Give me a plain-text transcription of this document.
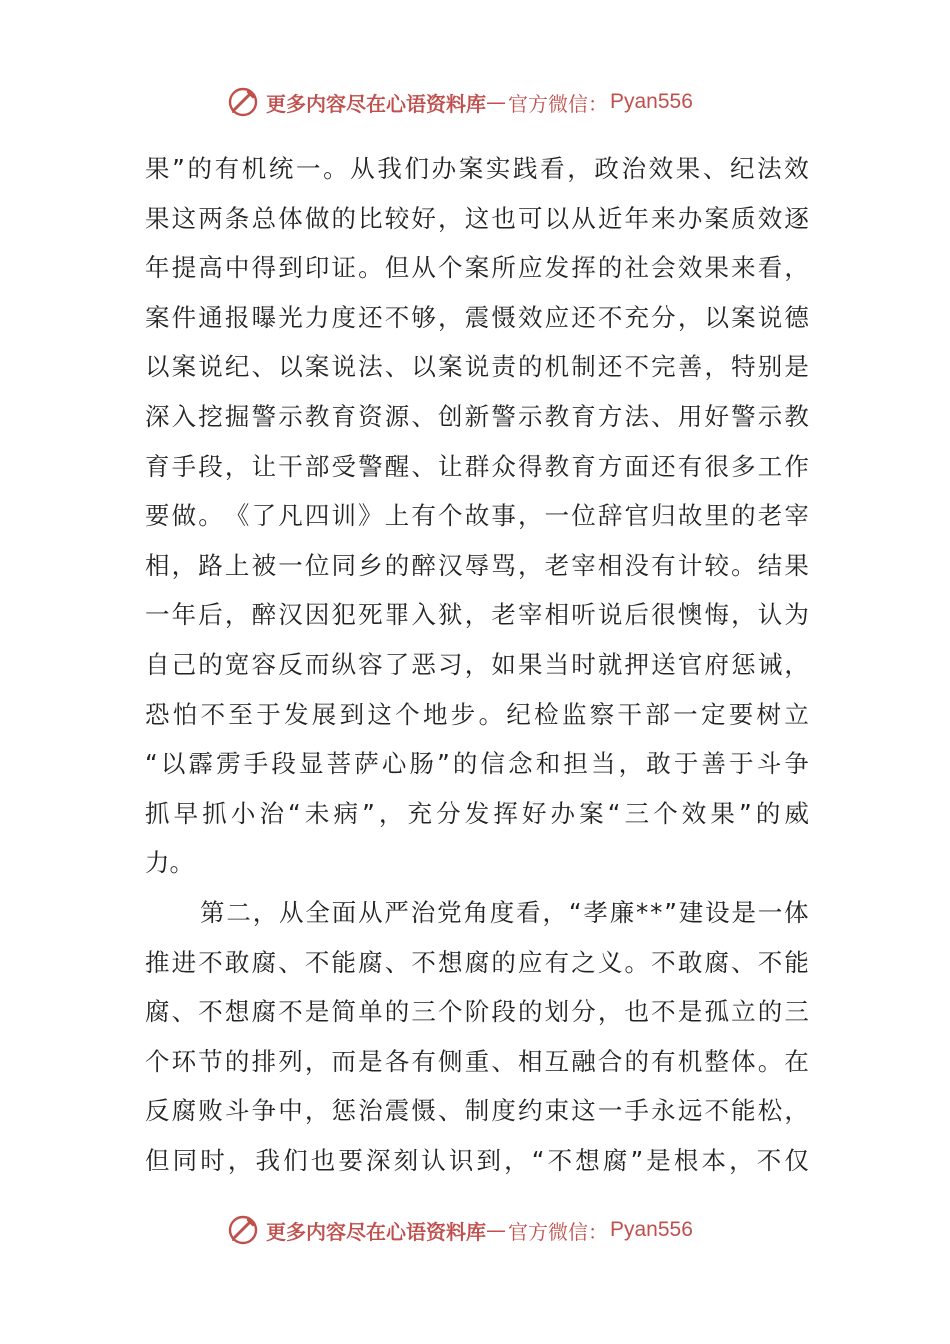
更多内容尽在心语资料库 — 官方微信： Pyan556
果 ” 的 有 机 统 一 。 从 我 们 办 案 实 践 看 ， 政 治 效 果 、 纪 法 效
果 这 两 条 总 体 做 的 比 较 好 ， 这 也 可 以 从 近 年 来 办 案 质 效 逐
年 提 高 中 得 到 印 证 。 但 从 个 案 所 应 发 挥 的 社 会 效 果 来 看 ，
案 件 通 报 曝 光 力 度 还 不 够 ， 震 慑 效 应 还 不 充 分 ， 以 案 说 德
以 案 说 纪 、 以 案 说 法 、 以 案 说 责 的 机 制 还 不 完 善 ， 特 别 是
深 入 挖 掘 警 示 教 育 资 源 、 创 新 警 示 教 育 方 法 、 用 好 警 示 教
育 手 段 ， 让 干 部 受 警 醒 、 让 群 众 得 教 育 方 面 还 有 很 多 工 作
要 做 。 《 了 凡 四 训 》 上 有 个 故 事 ， 一 位 辞 官 归 故 里 的 老 宰
相 ， 路 上 被 一 位 同 乡 的 醉 汉 辱 骂 ， 老 宰 相 没 有 计 较 。 结 果
一 年 后 ， 醉 汉 因 犯 死 罪 入 狱 ， 老 宰 相 听 说 后 很 懊 悔 ， 认 为
自 己 的 宽 容 反 而 纵 容 了 恶 习 ， 如 果 当 时 就 押 送 官 府 惩 诫 ，
恐 怕 不 至 于 发 展 到 这 个 地 步 。 纪 检 监 察 干 部 一 定 要 树 立
“ 以 霹 雳 手 段 显 菩 萨 心 肠 ” 的 信 念 和 担 当 ， 敢 于 善 于 斗 争
抓 早 抓 小 治 “ 未 病 ” ， 充 分 发 挥 好 办 案 “ 三 个 效 果 ” 的 威
力 。
第 二 ， 从 全 面 从 严 治 党 角 度 看 ， “ 孝 廉 * * ” 建 设 是 一 体
推 进 不 敢 腐 、 不 能 腐 、 不 想 腐 的 应 有 之 义 。 不 敢 腐 、 不 能
腐 、 不 想 腐 不 是 简 单 的 三 个 阶 段 的 划 分 ， 也 不 是 孤 立 的 三
个 环 节 的 排 列 ， 而 是 各 有 侧 重 、 相 互 融 合 的 有 机 整 体 。 在
反 腐 败 斗 争 中 ， 惩 治 震 慑 、 制 度 约 束 这 一 手 永 远 不 能 松 ，
但 同 时 ， 我 们 也 要 深 刻 认 识 到 ， “ 不 想 腐 ” 是 根 本 ， 不 仅
更多内容尽在心语资料库 — 官方微信： Pyan556
